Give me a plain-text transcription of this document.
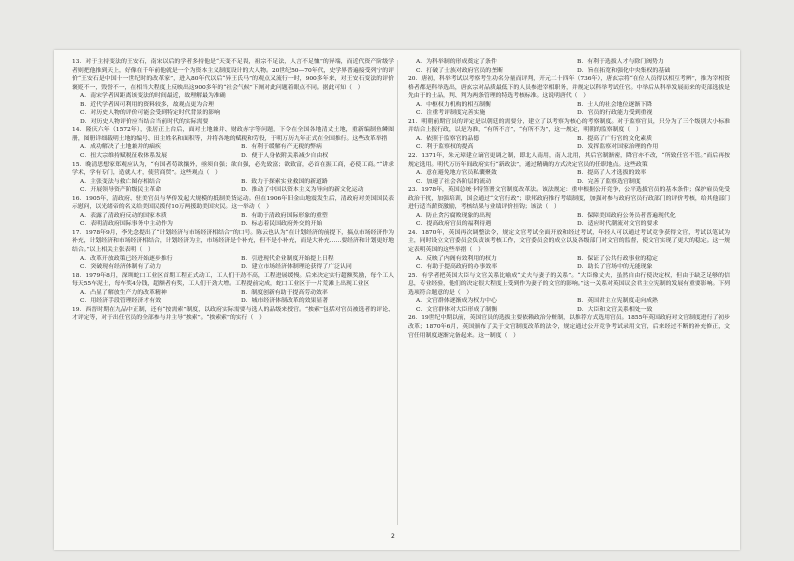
13．对于主持变法的王安石，南宋以后的学者多持他是“天变不足畏，祖宗不足法，人言不足恤”的异端，而近代资产阶级学者则把他推到天上，好像在千年前他就是一个为资本主义制度设计的大人物。20世纪50—70年代，史学界普遍接受列宁的评价“王安石是中国十一世纪时的改革家”，进入80年代以后“异王氏马”的观点又流行一时，900多年来，对王安石变法的评价褒贬不一，毁誉不一，在相当大程度上反映出这900多年的“社会气候”下阐对此问题着眼点不同。据此可知（　）

A．南宋学者因距离该变法的时间最近，故理解最为准确
B．近代学者因可利用的资料较多，故观点更为合理
C．对历史人物的评价可能会受到特定时代背景的影响
D．对历史人物评价应当结合当前时代的实际需要

14．隆庆六年（1572年），张居正上台后，面对土地兼并、财政赤字等问题，下令在全国各地清丈土地，重新编制鱼鳞图册，图册详细载明土地的编号、田主姓名和面积等，并将各地的赋税和劳役，于明万历九年正式在全国推行。这些改革举措

A．成功解决了土地兼并的痼疾	B．有利于缓解有产无税的弊病
C．扭大宗维持赋税征收体系发展	D．便于人身依附关系减少自由权

15．晚清思想家郑观应认为，“有国者苟欲攘外，亟须自强；欲自强，必先致富；欲致富，必首在振工商，必使工商。”“讲求学术，学有专门，造就人才，使营商贸”。这些观点（　）

A．主张变法与救亡图存相结合	B．致力于探索实业救国的新道路
C．开展领导资产阶级民主革命	D．推动了中国以资本主义为导向的新文化运动

16．1905年，清政府、驻美官员与华侨发起大规模的抵制美货运动。但在1906年旧金山地震发生后，清政府对美国国民表示慰问，以光绪帝的名义给美国民拨付10万两援助美国灾民。这一举动（　）

A．表露了清政府反动的国家本质	B．有助于清政府国际形象的重塑
C．表明清政府国际事务中主动作为	D．标志着民国政府外交的开始

17．1978年9月，李先念提出了“计划经济与市场经济相结合”的口号。陈云也认为“在计划经济的前提下，搞点市场经济作为补充，计划经济和市场经济相结合，计划经济为主，市场经济是个补充，但不是小补充，而是大补充……要经济和计划更好地结合。”以上相关主张表明（　）

A．改革开放政策已经开始逐步推行	B．引进现代企业制度开始提上日程
C．突破现有经济体制有了动力	D．建立市场经济体制理论获得了广泛认同

18．1979年8月，深圳蛇口工业区首期工程正式动工，工人们干劲不高，工程进展缓慢。后来决定实行超额奖励，每个工人每天55车泥土，每车奖4分钱，超额者有奖，工人们干劲大增。工程提前完成，蛇口工业区于一片荒滩上出现工业区

A．凸显了解放生产力的改革精神	B．制度创新有助于提高劳动效率
C．用经济手段管理经济才有效	D．城市经济体制改革的效果显著

19．西晋时期在九品中正制，还有“按需索”制度，以政府实际需要与选人的品级来授官。“挨索”包括对官员被选者的评论、才评定等，对于出任官员的全部参与并主导“挨索”。“挨索索”的实行（　）

A．为科举制的形成奠定了条件	B．有利于选拔人才与除门阀势力
C．打破了士族对政府官员的垄断	D．旨在拓宽和强化中央集权的基础

20．唐初，科举考试以考察考生功名分量而评判，开元二十四年（736年），唐玄宗将“在位人员得以相互考辨”，推为宰相资格者都是科举选出，唐玄宗对品质最低下的人员参进宰相职务，并规定以科举考试任官。中举后从科举发展而来的吏部选拔是先由于的士品，判、判为两条管理的特选考核标准。这说明唐代（　）

A．中枢权力机构的相互制衡	B．士人的社会地位逐渐下降
C．注重考评制度完善实施	D．官员的行政能力受到重视

21．明朝前期官员的评定是以朝廷的需要分，建立了以考察为核心的考察制度。对于监察官员，只分为了三个级别大小标准并结合上报行政，以是为准，“有所不言”，“有所不为”，这一规定，明朝的监察制度（　）

A．依照于监察官的品德	B．提高了广行官的文化素质
C．利于监察权的提高	D．发挥监察对国家治理的作用

22．1371年，朱元璋建立谪官更调之制，即北人南用，南人北用，其后官制渐密，降官亦不改，“所致任官不管。”而后再按规定选用。明代万历年间政府实行“新政法”，通过精确的方式决定官员的任职地点。这些政策

A．意在避免地方官员私囊聚敛	B．提高了人才选拔的效率
C．加速了社会各阶层的流动	D．完善了监察选官制度

23．1978年，英国总统卡特签署文官制度改革法。该法规定：重申根据公开竞争，公平选拔官员的基本条件；保护雇员免受政治干扰，加强培训，国会通过“文官行政”；联邦政府推行考绩制度，加强对参与政府官员行政部门的评价考核，给其他部门进行适当薪资激励，考核结果与业绩评价挂钩；该法（　）

A．防止贪污腐败现象的出现	B．保障美国政府公务员者普遍现代化
C．提高政府官员的福利待遇	D．适应时代潮流对文官的要求

24．1870年，英国再次调整法令，规定文官考试全面开放和经过考试，年轻人可以通过考试竞争获得文官，考试以笔试为主，同时设立文官委员会负责该考核工作，文官委员会的成立以及各级部门对文官的监督，使文官实现了更大的稳定。这一规定表明英国的这些举措（　）

A．反映了内阁有效利用的权力	B．保证了公共行政事业的稳定
C．有助于提高政府的办事效率	D．助长了官场中的无能现象

25．有学者把英国大臣与文官关系比喻成“丈夫与妻子的关系”。“大臣像丈夫，虽然自由行使决定权，但由于缺乏足够的信息，专业经验，他们的决定很大程度上受到作为妻子的文官的影响。”这一关系对英国议会君主立宪制的发展有重要影响。下列选项符合题意的是（　）

A．文官群体逐渐成为权力中心	B．英国君主立宪制度走向成熟
C．文官群体对大臣形成了制衡	D．大臣和文官关系相处一致

26．19世纪中期以前，英国官员的选拔主要依赖政治分赃制，以推荐方式选用官员。1855年英国政府对文官制度进行了初步改革；1870年6月，英国颁布了关于文官制度改革的法令，规定通过公开竞争考试录用文官，后来经过不断的补充修正，文官任用制度逐渐完备起来。这一制度（　）

2
